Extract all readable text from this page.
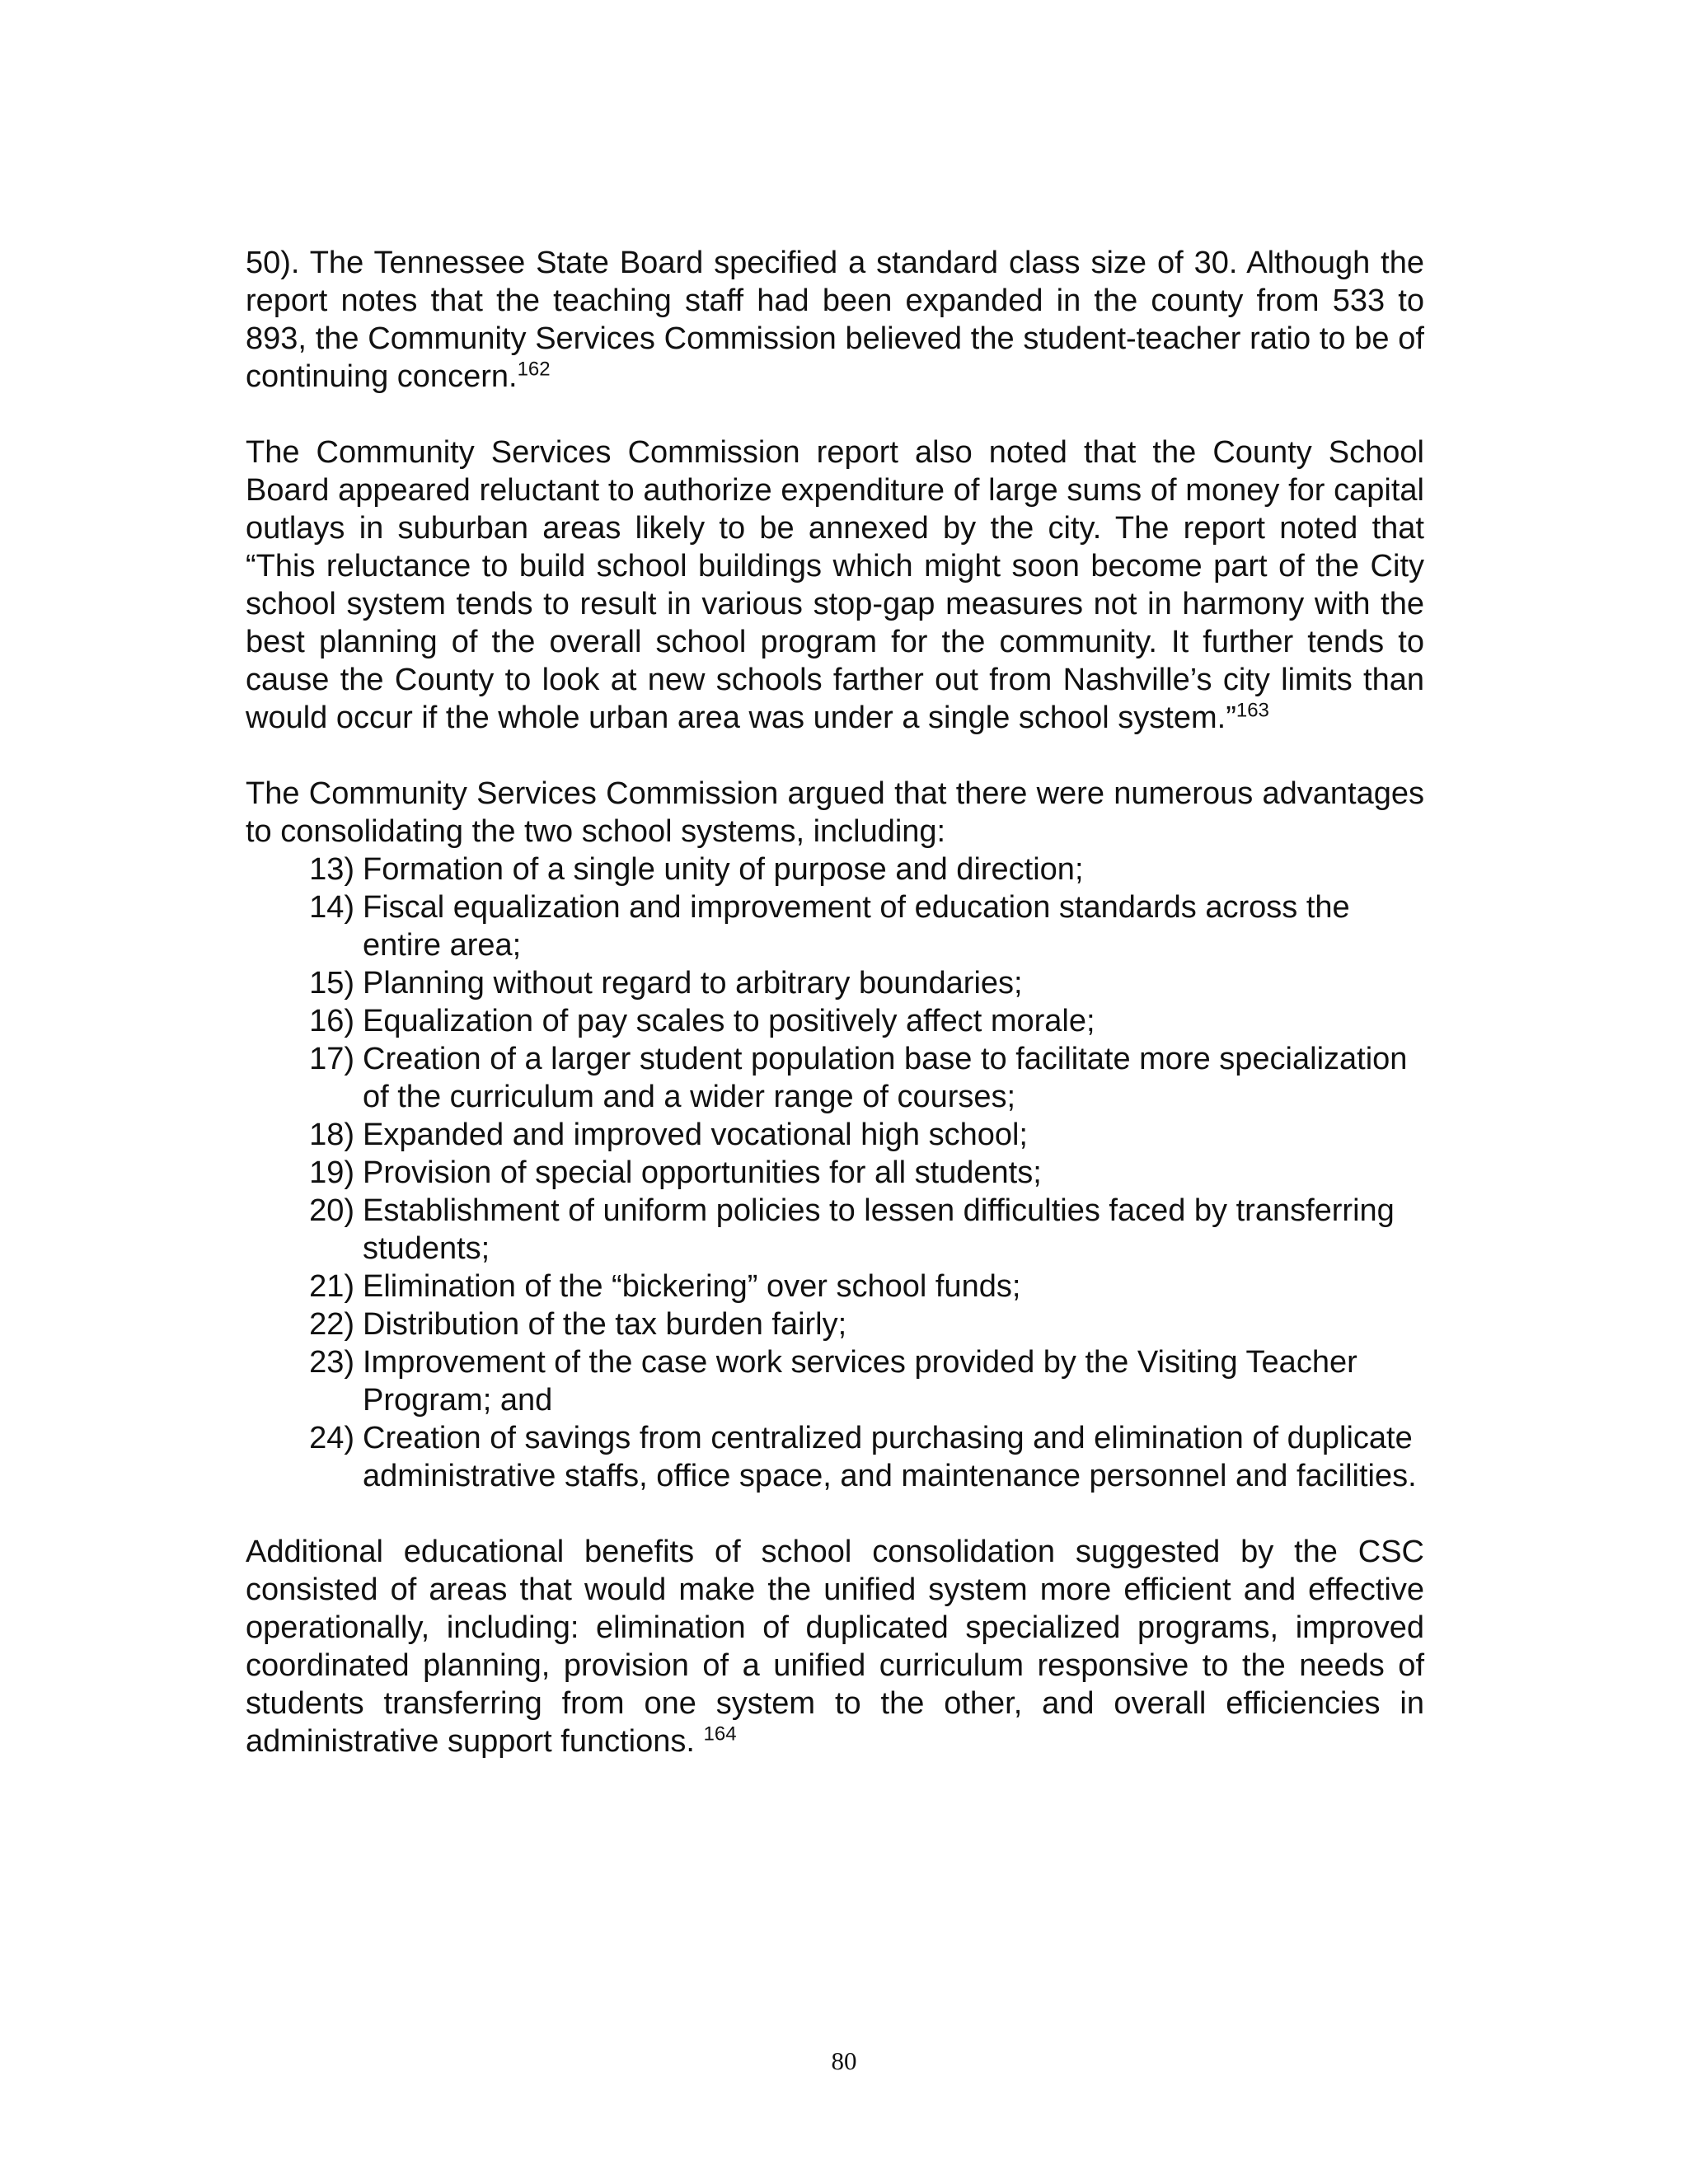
50). The Tennessee State Board specified a standard class size of 30. Although the report notes that the teaching staff had been expanded in the county from 533 to 893, the Community Services Commission believed the student-teacher ratio to be of continuing concern.$^{162}$

The Community Services Commission report also noted that the County School Board appeared reluctant to authorize expenditure of large sums of money for capital outlays in suburban areas likely to be annexed by the city. The report noted that “This reluctance to build school buildings which might soon become part of the City school system tends to result in various stop-gap measures not in harmony with the best planning of the overall school program for the community. It further tends to cause the County to look at new schools farther out from Nashville’s city limits than would occur if the whole urban area was under a single school system.”$^{163}$

The Community Services Commission argued that there were numerous advantages to consolidating the two school systems, including:

13) Formation of a single unity of purpose and direction;
14) Fiscal equalization and improvement of education standards across the entire area;
15) Planning without regard to arbitrary boundaries;
16) Equalization of pay scales to positively affect morale;
17) Creation of a larger student population base to facilitate more specialization of the curriculum and a wider range of courses;
18) Expanded and improved vocational high school;
19) Provision of special opportunities for all students;
20) Establishment of uniform policies to lessen difficulties faced by transferring students;
21) Elimination of the “bickering” over school funds;
22) Distribution of the tax burden fairly;
23) Improvement of the case work services provided by the Visiting Teacher Program; and
24) Creation of savings from centralized purchasing and elimination of duplicate administrative staffs, office space, and maintenance personnel and facilities.

Additional educational benefits of school consolidation suggested by the CSC consisted of areas that would make the unified system more efficient and effective operationally, including: elimination of duplicated specialized programs, improved coordinated planning, provision of a unified curriculum responsive to the needs of students transferring from one system to the other, and overall efficiencies in administrative support functions. $^{164}$

80
